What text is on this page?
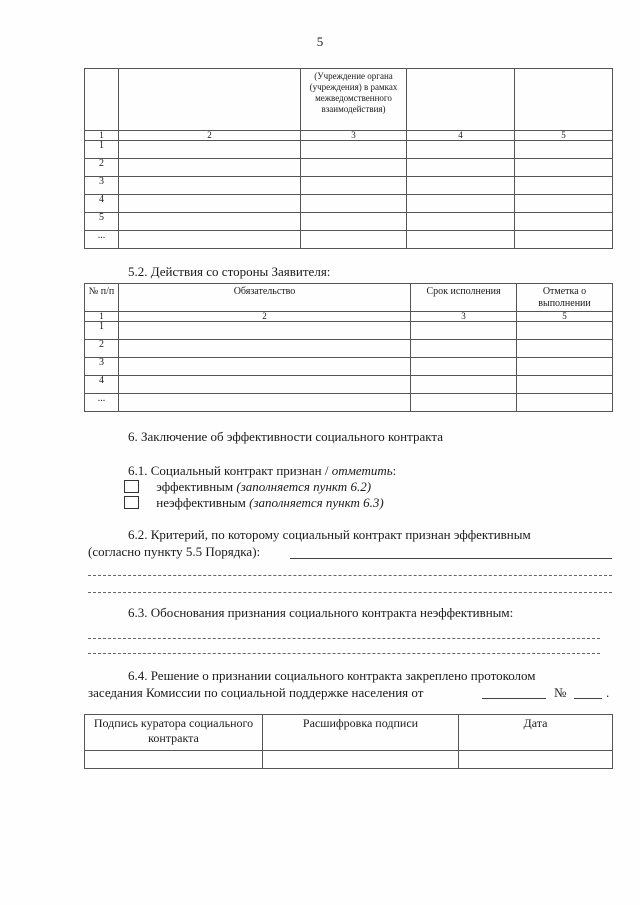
5
		(Учреждение органа (учреждения) в рамках межведомственного взаимодействия)		
1	2	3	4	5
1				
2				
3				
4				
5				
...				
5.2. Действия со стороны Заявителя:
№ п/п	Обязательство	Срок исполнения	Отметка о выполнении
1	2	3	5
1			
2			
3			
4			
...			
6. Заключение об эффективности социального контракта
6.1. Социальный контракт признан / отметить:
эффективным (заполняется пункт 6.2)
неэффективным (заполняется пункт 6.3)
6.2. Критерий, по которому социальный контракт признан эффективным
(согласно пункту 5.5 Порядка):
6.3. Обоснования признания социального контракта неэффективным:
6.4. Решение о признании социального контракта закреплено протоколом
заседания Комиссии по социальной поддержке населения от	№	.
Подпись куратора социального контракта	Расшифровка подписи	Дата
